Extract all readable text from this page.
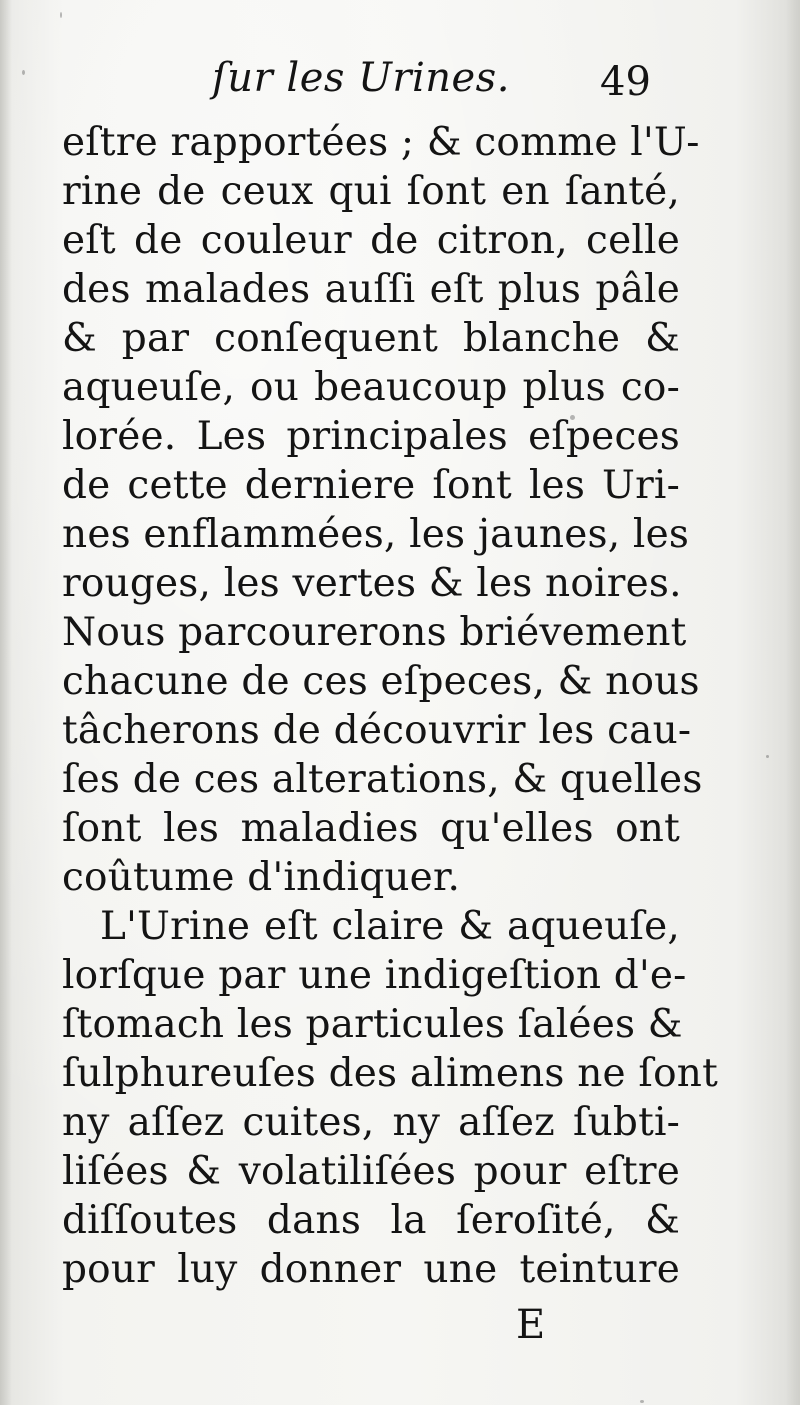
ſur les Urines. 49
eſtre rapportées ; & comme l'U-
rine de ceux qui ſont en ſanté,
eſt de couleur de citron, celle
des malades auſſi eſt plus pâle
& par conſequent blanche &
aqueuſe, ou beaucoup plus co-
lorée. Les principales eſpeces
de cette derniere ſont les Uri-
nes enflammées, les jaunes, les
rouges, les vertes & les noires.
Nous parcourerons briévement
chacune de ces eſpeces, & nous
tâcherons de découvrir les cau-
ſes de ces alterations, & quelles
ſont les maladies qu'elles ont
coûtume d'indiquer.
L'Urine eſt claire & aqueuſe,
lorſque par une indigeſtion d'e-
ſtomach les particules ſalées &
ſulphureuſes des alimens ne ſont
ny aſſez cuites, ny aſſez ſubti-
liſées & volatiliſées pour eſtre
diſſoutes dans la ſeroſité, &
pour luy donner une teinture
E
